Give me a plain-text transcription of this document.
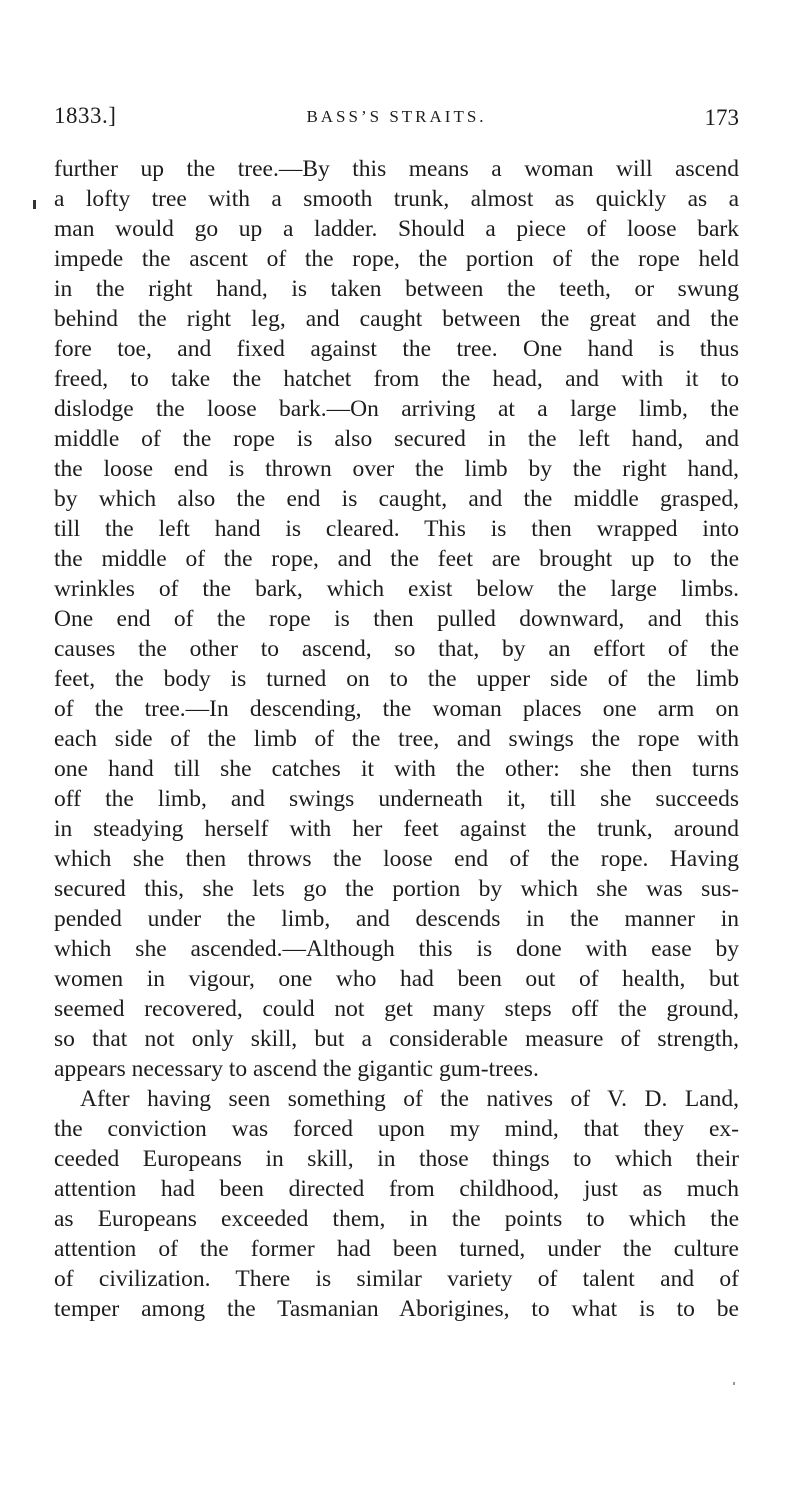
1833.]	BASS’S STRAITS.	173
further up the tree.—By this means a woman will ascend
a lofty tree with a smooth trunk, almost as quickly as a
man would go up a ladder. Should a piece of loose bark
impede the ascent of the rope, the portion of the rope held
in the right hand, is taken between the teeth, or swung
behind the right leg, and caught between the great and the
fore toe, and fixed against the tree. One hand is thus
freed, to take the hatchet from the head, and with it to
dislodge the loose bark.—On arriving at a large limb, the
middle of the rope is also secured in the left hand, and
the loose end is thrown over the limb by the right hand,
by which also the end is caught, and the middle grasped,
till the left hand is cleared. This is then wrapped into
the middle of the rope, and the feet are brought up to the
wrinkles of the bark, which exist below the large limbs.
One end of the rope is then pulled downward, and this
causes the other to ascend, so that, by an effort of the
feet, the body is turned on to the upper side of the limb
of the tree.—In descending, the woman places one arm on
each side of the limb of the tree, and swings the rope with
one hand till she catches it with the other: she then turns
off the limb, and swings underneath it, till she succeeds
in steadying herself with her feet against the trunk, around
which she then throws the loose end of the rope. Having
secured this, she lets go the portion by which she was sus-
pended under the limb, and descends in the manner in
which she ascended.—Although this is done with ease by
women in vigour, one who had been out of health, but
seemed recovered, could not get many steps off the ground,
so that not only skill, but a considerable measure of strength,
appears necessary to ascend the gigantic gum-trees.
After having seen something of the natives of V. D. Land,
the conviction was forced upon my mind, that they ex-
ceeded Europeans in skill, in those things to which their
attention had been directed from childhood, just as much
as Europeans exceeded them, in the points to which the
attention of the former had been turned, under the culture
of civilization. There is similar variety of talent and of
temper among the Tasmanian Aborigines, to what is to be
